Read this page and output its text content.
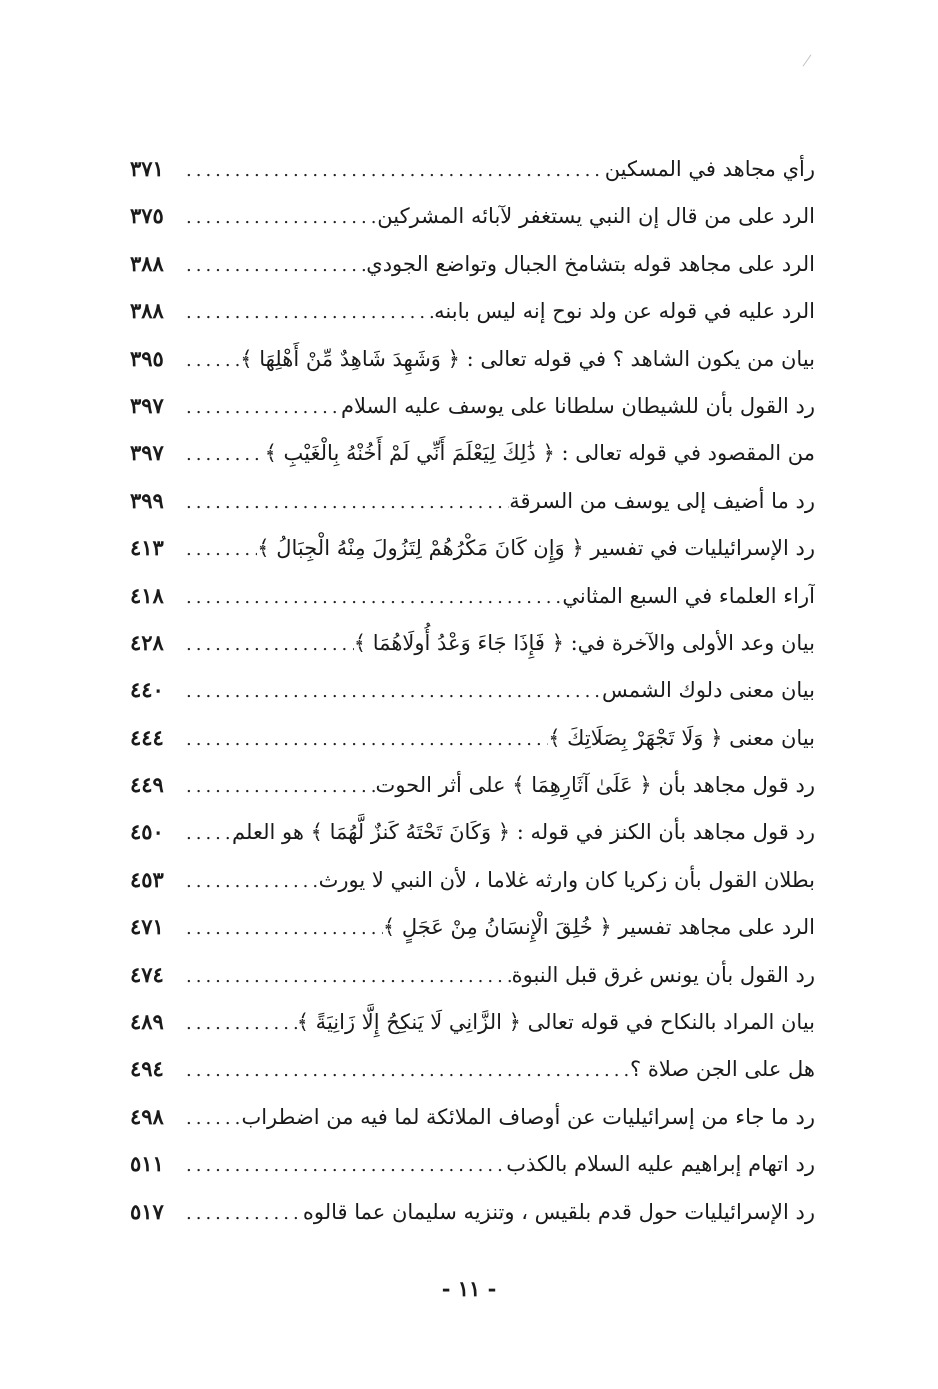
رأي مجاهد في المسكين
.....
٣٧١
الرد على من قال إن النبي يستغفر لآبائه المشركين
.....
٣٧٥
الرد على مجاهد قوله بتشامخ الجبال وتواضع الجودي
.....
٣٨٨
الرد عليه في قوله عن ولد نوح إنه ليس بابنه
.....
٣٨٨
بيان من يكون الشاهد ؟ في قوله تعالى : ﴿ وَشَهِدَ شَاهِدٌ مِّنْ أَهْلِهَا ﴾
.....
٣٩٥
رد القول بأن للشيطان سلطانا على يوسف عليه السلام
.....
٣٩٧
من المقصود في قوله تعالى : ﴿ ذَٰلِكَ لِيَعْلَمَ أَنِّي لَمْ أَخُنْهُ بِالْغَيْبِ ﴾
.....
٣٩٧
رد ما أضيف إلى يوسف من السرقة
.....
٣٩٩
رد الإسرائيليات في تفسير ﴿ وَإِن كَانَ مَكْرُهُمْ لِتَزُولَ مِنْهُ الْجِبَالُ ﴾
.....
٤١٣
آراء العلماء في السبع المثاني
.....
٤١٨
بيان وعد الأولى والآخرة في: ﴿ فَإِذَا جَاءَ وَعْدُ أُولَاهُمَا ﴾
.....
٤٢٨
بيان معنى دلوك الشمس
.....
٤٤٠
بيان معنى ﴿ وَلَا تَجْهَرْ بِصَلَاتِكَ ﴾
.....
٤٤٤
رد قول مجاهد بأن ﴿ عَلَىٰ آثَارِهِمَا ﴾ على أثر الحوت
.....
٤٤٩
رد قول مجاهد بأن الكنز في قوله : ﴿ وَكَانَ تَحْتَهُ كَنزٌ لَّهُمَا ﴾ هو العلم
.....
٤٥٠
بطلان القول بأن زكريا كان وارثه غلاما ، لأن النبي لا يورث
.....
٤٥٣
الرد على مجاهد تفسير ﴿ خُلِقَ الْإِنسَانُ مِنْ عَجَلٍ ﴾
.....
٤٧١
رد القول بأن يونس غرق قبل النبوة
.....
٤٧٤
بيان المراد بالنكاح في قوله تعالى ﴿ الزَّانِي لَا يَنكِحُ إِلَّا زَانِيَةً ﴾
.....
٤٨٩
هل على الجن صلاة ؟
.....
٤٩٤
رد ما جاء من إسرائيليات عن أوصاف الملائكة لما فيه من اضطراب
.....
٤٩٨
رد اتهام إبراهيم عليه السلام بالكذب
.....
٥١١
رد الإسرائيليات حول قدم بلقيس ، وتنزيه سليمان عما قالوه
.....
٥١٧
- ١١ -
